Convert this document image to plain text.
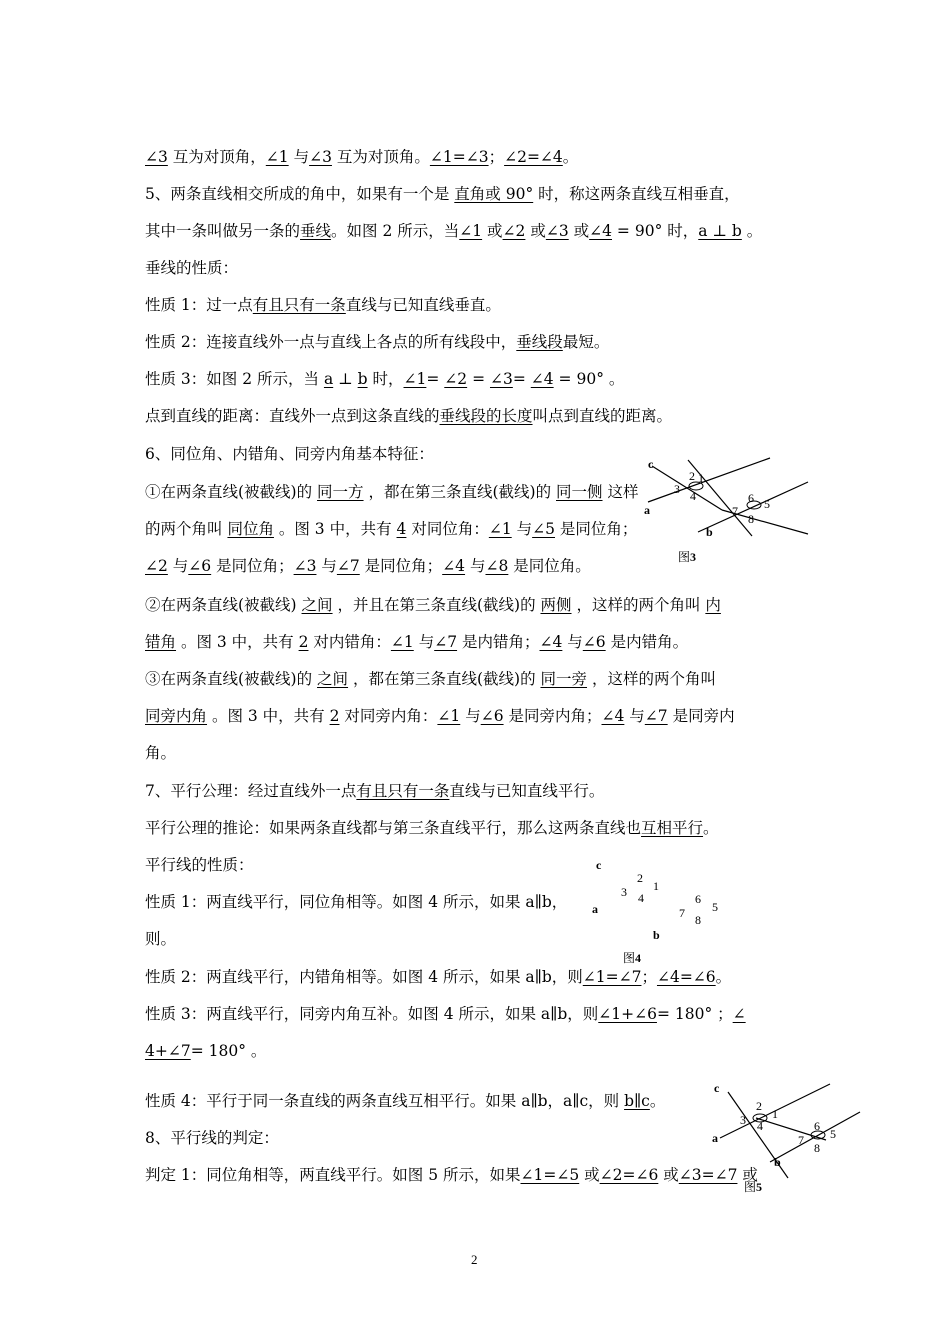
∠3 互为对顶角，∠1 与∠3 互为对顶角。∠1=∠3；∠2=∠4。
5、两条直线相交所成的角中，如果有一个是 直角或 90° 时，称这两条直线互相垂直，
其中一条叫做另一条的垂线。如图 2 所示，当∠1 或∠2 或∠3 或∠4 = 90° 时，a ⊥ b 。
垂线的性质：
性质 1：过一点有且只有一条直线与已知直线垂直。
性质 2：连接直线外一点与直线上各点的所有线段中，垂线段最短。
性质 3：如图 2 所示，当 a ⊥ b 时，∠1= ∠2 = ∠3= ∠4 = 90° 。
点到直线的距离：直线外一点到这条直线的垂线段的长度叫点到直线的距离。
6、同位角、内错角、同旁内角基本特征：
①在两条直线(被截线)的 同一方 ，都在第三条直线(截线)的 同一侧 这样
的两个角叫 同位角 。图 3 中，共有 4 对同位角：∠1 与∠5 是同位角；
∠2 与∠6 是同位角；∠3 与∠7 是同位角；∠4 与∠8 是同位角。
②在两条直线(被截线) 之间 ，并且在第三条直线(截线)的 两侧 ，这样的两个角叫 内
错角 。图 3 中，共有 2 对内错角：∠1 与∠7 是内错角；∠4 与∠6 是内错角。
③在两条直线(被截线)的 之间 ，都在第三条直线(截线)的 同一旁 ，这样的两个角叫
同旁内角 。图 3 中，共有 2 对同旁内角：∠1 与∠6 是同旁内角；∠4 与∠7 是同旁内
角。
7、平行公理：经过直线外一点有且只有一条直线与已知直线平行。
平行公理的推论：如果两条直线都与第三条直线平行，那么这两条直线也互相平行。
平行线的性质：
性质 1：两直线平行，同位角相等。如图 4 所示，如果 a∥b，
则。
性质 2：两直线平行，内错角相等。如图 4 所示，如果 a∥b，则∠1=∠7；∠4=∠6。
性质 3：两直线平行，同旁内角互补。如图 4 所示，如果 a∥b，则∠1+∠6= 180° ；∠
4+∠7= 180° 。
性质 4：平行于同一条直线的两条直线互相平行。如果 a∥b，a∥c，则 b∥c。
8、平行线的判定：
判定 1：同位角相等，两直线平行。如图 5 所示，如果∠1=∠5 或∠2=∠6 或∠3=∠7 或
c
a
b
1
2
3 4
5
6
7
8
图3
c
a
b
1
2
3 4
5
6
7 8
图4
c
a
b
1
2
3 4
5
6
7
8
图5
2
